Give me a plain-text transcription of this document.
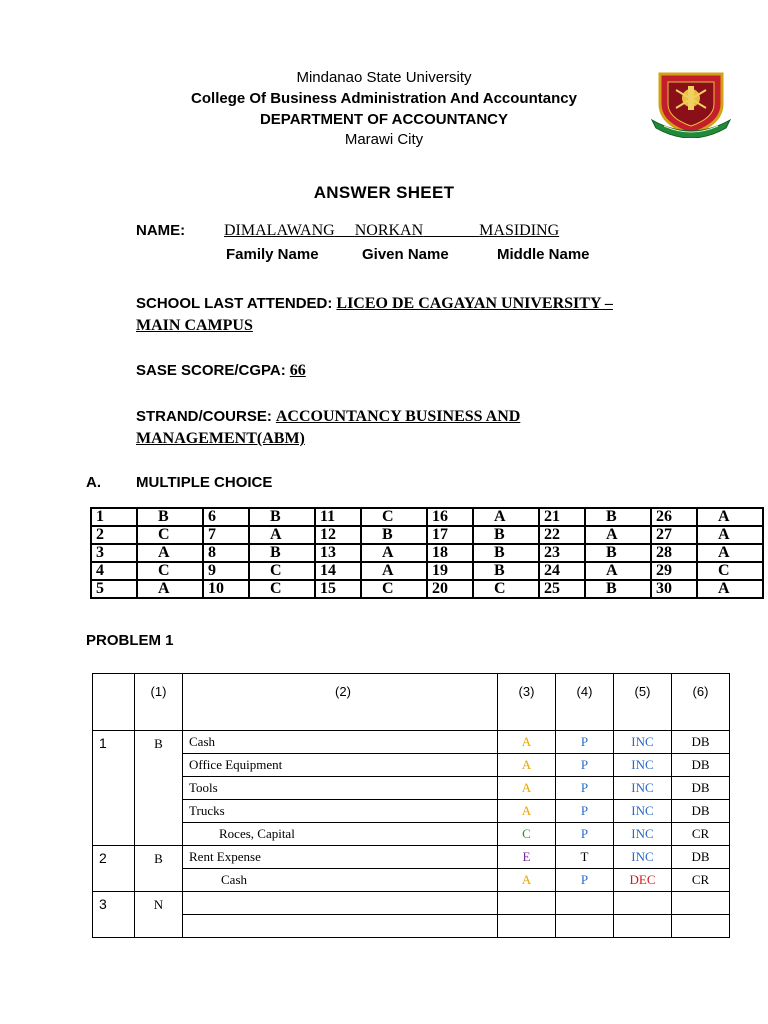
Mindanao State University
College Of Business Administration And Accountancy
DEPARTMENT OF ACCOUNTANCY
Marawi City
ANSWER SHEET
NAME: DIMALAWANG NORKAN	MASIDING
Family Name	Given Name	Middle Name
SCHOOL LAST ATTENDED: LICEO DE CAGAYAN UNIVERSITY –
MAIN CAMPUS
SASE SCORE/CGPA: 66
STRAND/COURSE: ACCOUNTANCY BUSINESS AND
MANAGEMENT(ABM)
A. MULTIPLE CHOICE
1	B	6	B	11	C	16	A	21	B	26	A
2	C	7	A	12	B	17	B	22	A	27	A
3	A	8	B	13	A	18	B	23	B	28	A
4	C	9	C	14	A	19	B	24	A	29	C
5	A	10	C	15	C	20	C	25	B	30	A
PROBLEM 1
	(1)	(2)	(3)	(4)	(5)	(6)

1	B	Cash	A	P	INC	DB
		Office Equipment	A	P	INC	DB
		Tools	A	P	INC	DB
		Trucks	A	P	INC	DB
		Roces, Capital	C	P	INC	CR

2	B	Rent Expense	E	T	INC	DB
		Cash	A	P	DEC	CR

3	N					
